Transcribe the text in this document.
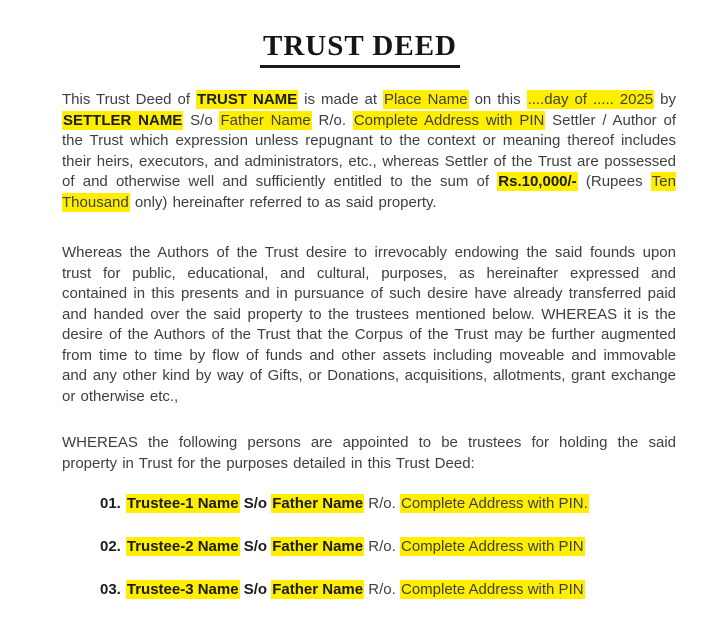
TRUST DEED

This Trust Deed of TRUST NAME is made at Place Name on this ....day of ..... 2025 by SETTLER NAME S/o Father Name R/o. Complete Address with PIN Settler / Author of the Trust which expression unless repugnant to the context or meaning thereof includes their heirs, executors, and administrators, etc., whereas Settler of the Trust are possessed of and otherwise well and sufficiently entitled to the sum of Rs.10,000/- (Rupees Ten Thousand only) hereinafter referred to as said property.

Whereas the Authors of the Trust desire to irrevocably endowing the said founds upon trust for public, educational, and cultural, purposes, as hereinafter expressed and contained in this presents and in pursuance of such desire have already transferred paid and handed over the said property to the trustees mentioned below. WHEREAS it is the desire of the Authors of the Trust that the Corpus of the Trust may be further augmented from time to time by flow of funds and other assets including moveable and immovable and any other kind by way of Gifts, or Donations, acquisitions, allotments, grant exchange or otherwise etc.,

WHEREAS the following persons are appointed to be trustees for holding the said property in Trust for the purposes detailed in this Trust Deed:

01. Trustee-1 Name S/o Father Name R/o. Complete Address with PIN.
02. Trustee-2 Name S/o Father Name R/o. Complete Address with PIN
03. Trustee-3 Name S/o Father Name R/o. Complete Address with PIN
